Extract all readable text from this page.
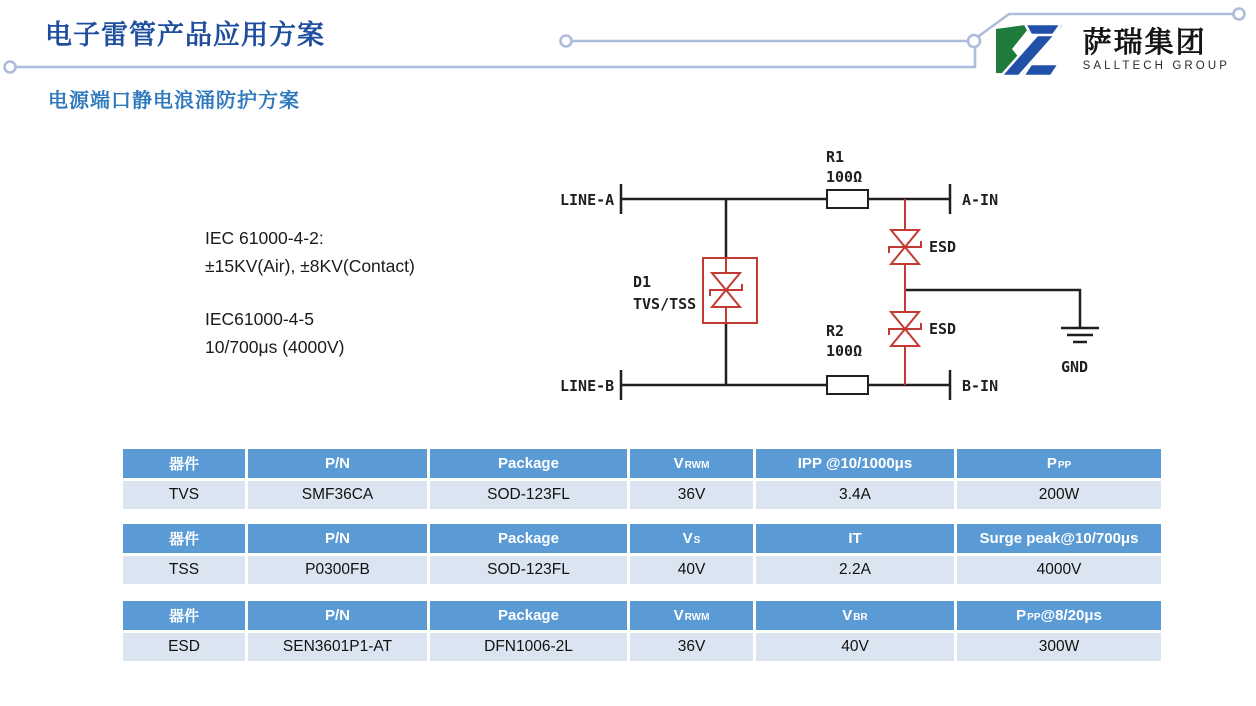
电子雷管产品应用方案
电源端口静电浪涌防护方案
萨瑞集团
SALLTECH GROUP
IEC 61000-4-2:
±15KV(Air), ±8KV(Contact)
IEC61000-4-5
10/700μs (4000V)
LINE-A
LINE-B
A-IN
B-IN
R1
100Ω
R2
100Ω
D1
TVS/TSS
ESD
ESD
GND
器件	P/N	Package	$V_{RWM}$	IPP @10/1000μs	$P_{PP}$
TVS	SMF36CA	SOD-123FL	36V	3.4A	200W
器件	P/N	Package	$V_S$	IT	Surge peak@10/700μs
TSS	P0300FB	SOD-123FL	40V	2.2A	4000V
器件	P/N	Package	$V_{RWM}$	$V_{BR}$	$P_{PP}$ @8/20μs
ESD	SEN3601P1-AT	DFN1006-2L	36V	40V	300W
